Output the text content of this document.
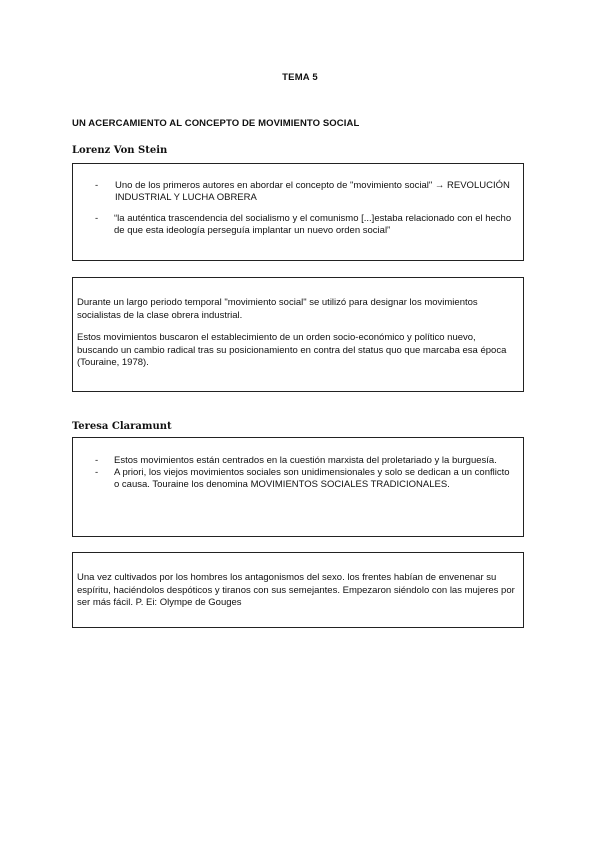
TEMA 5
UN ACERCAMIENTO AL CONCEPTO DE MOVIMIENTO SOCIAL
Lorenz Von Stein
- Uno de los primeros autores en abordar el concepto de "movimiento social" → REVOLUCIÓN INDUSTRIAL Y LUCHA OBRERA
- “la auténtica trascendencia del socialismo y el comunismo [...]estaba relacionado con el hecho de que esta ideología perseguía implantar un nuevo orden social”

Durante un largo periodo temporal "movimiento social" se utilizó para designar los movimientos socialistas de la clase obrera industrial.

Estos movimientos buscaron el establecimiento de un orden socio-económico y político nuevo, buscando un cambio radical tras su posicionamiento en contra del status quo que marcaba esa época (Touraine, 1978).

Teresa Claramunt
- Estos movimientos están centrados en la cuestión marxista del proletariado y la burguesía.
- A priori, los viejos movimientos sociales son unidimensionales y solo se dedican a un conflicto o causa. Touraine los denomina MOVIMIENTOS SOCIALES TRADICIONALES.

Una vez cultivados por los hombres los antagonismos del sexo. los frentes habían de envenenar su espíritu, haciéndolos despóticos y tiranos con sus semejantes. Empezaron siéndolo con las mujeres por ser más fácil. P. Ei: Olympe de Gouges
